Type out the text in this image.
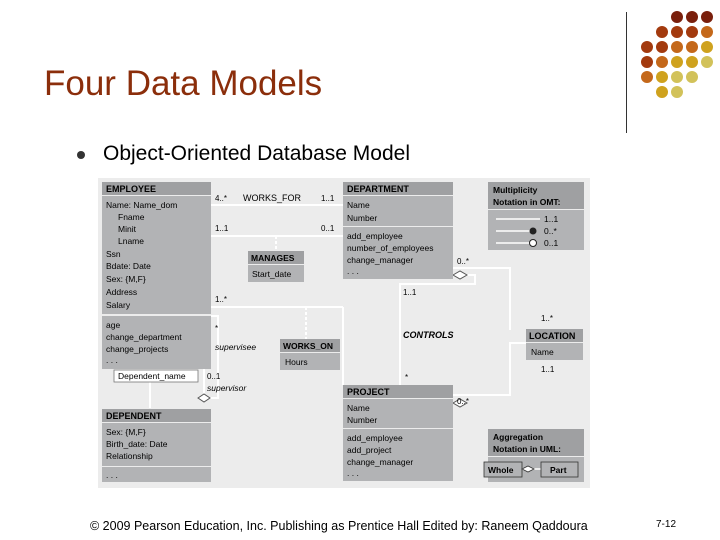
Four Data Models
Object-Oriented Database Model
EMPLOYEE
Name: Name_dom
Fname
Minit
Lname
Ssn
Bdate: Date
Sex: {M,F}
Address
Salary
age
change_department
change_projects
. . .
Dependent_name
DEPARTMENT
Name
Number
add_employee
number_of_employees
change_manager
. . .
MANAGES
Start_date
WORKS_ON
Hours
PROJECT
Name
Number
add_employee
add_project
change_manager
. . .
LOCATION
Name
DEPENDENT
Sex: {M,F}
Birth_date: Date
Relationship
. . .
Multiplicity
Notation in OMT:
1..1
0..*
0..1
Aggregation
Notation in UML:
Whole	Part
WORKS_FOR
CONTROLS
supervisee
supervisor
4..*	1..1
1..1	0..1
1..*
*
0..1
0..*
1..1
*
0..*
1..*
1..1
© 2009 Pearson Education, Inc. Publishing as Prentice Hall Edited by: Raneem Qaddoura	7-12
